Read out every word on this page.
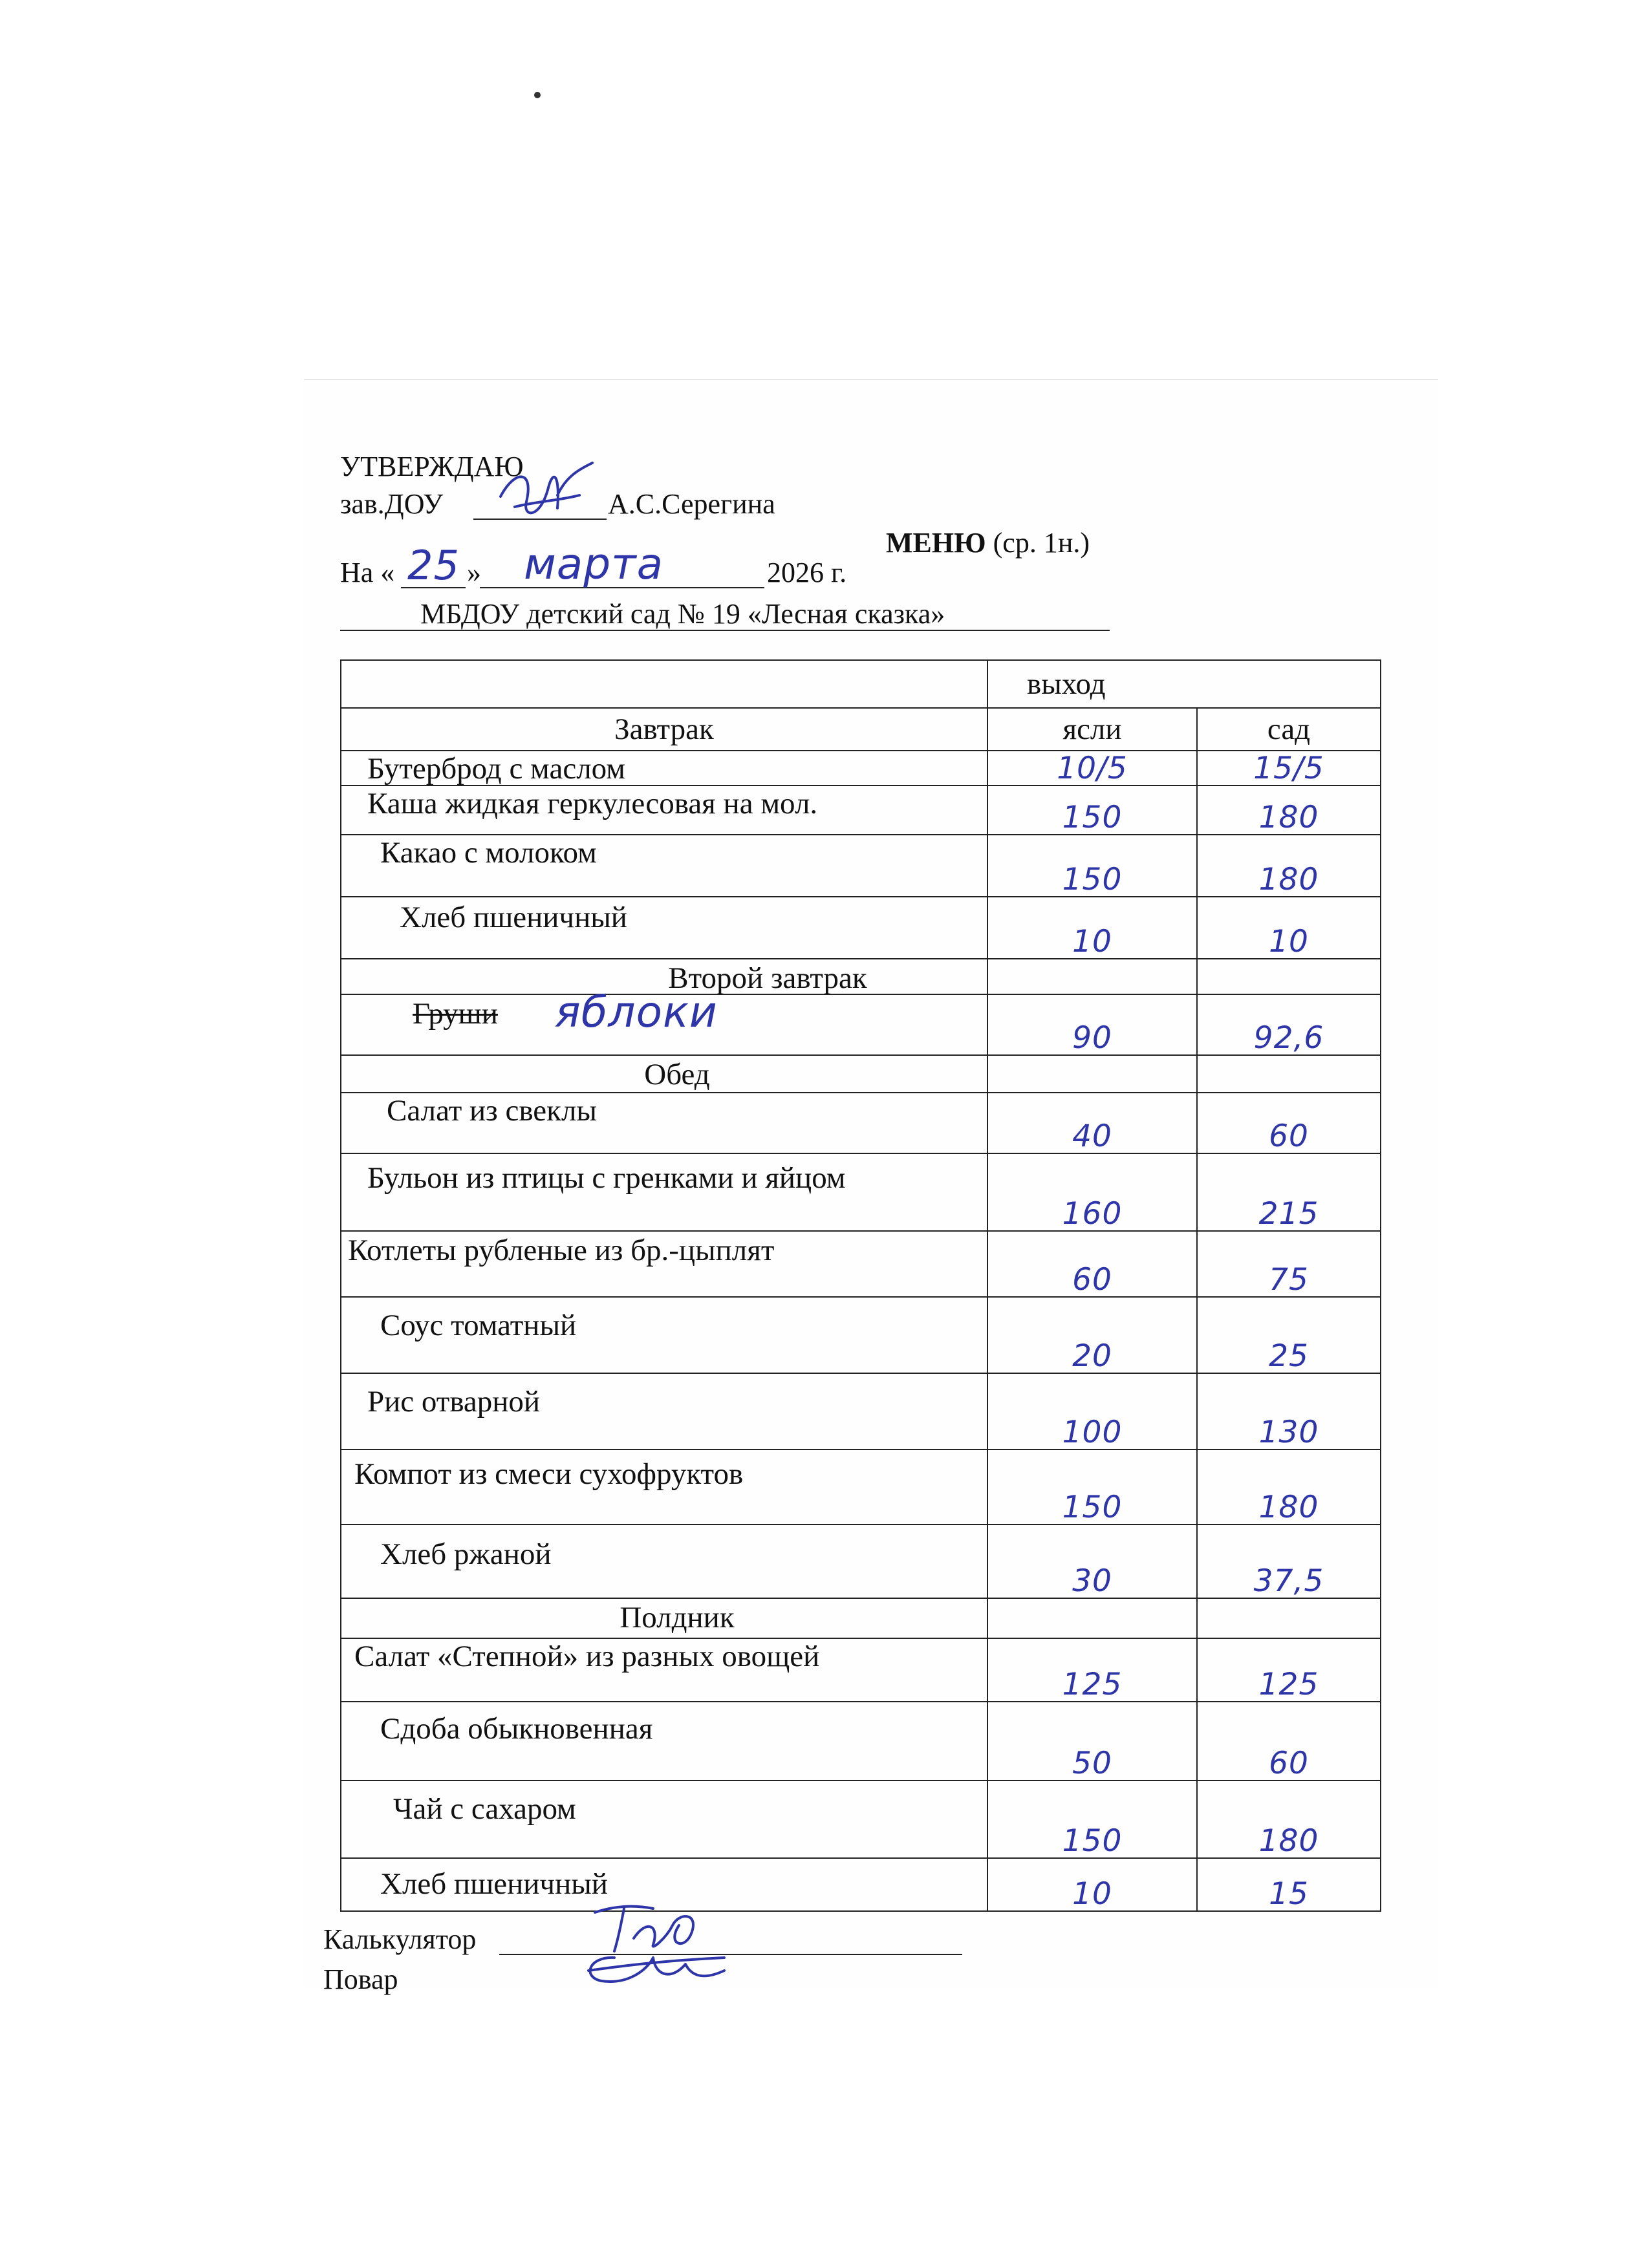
УТВЕРЖДАЮ
зав.ДОУ	А.С.Серегина
МЕНЮ (ср. 1н.)
На « 25 » марта	2026 г.
МБДОУ детский сад № 19 «Лесная сказка»
	выход	
Завтрак	ясли	сад
Бутерброд с маслом	10/5	15/5
Каша жидкая геркулесовая на мол.	150	180
Какао с молоком	150	180
Хлеб пшеничный	10	10
Второй завтрак		
Груши яблоки	90	92,6
Обед		
Салат из свеклы	40	60
Бульон из птицы с гренками и яйцом	160	215
Котлеты рубленые из бр.-цыплят	60	75
Соус томатный	20	25
Рис отварной	100	130
Компот из смеси сухофруктов	150	180
Хлеб ржаной	30	37,5
Полдник		
Салат «Степной» из разных овощей	125	125
Сдоба обыкновенная	50	60
Чай с сахаром	150	180
Хлеб пшеничный	10	15
Калькулятор
Повар
